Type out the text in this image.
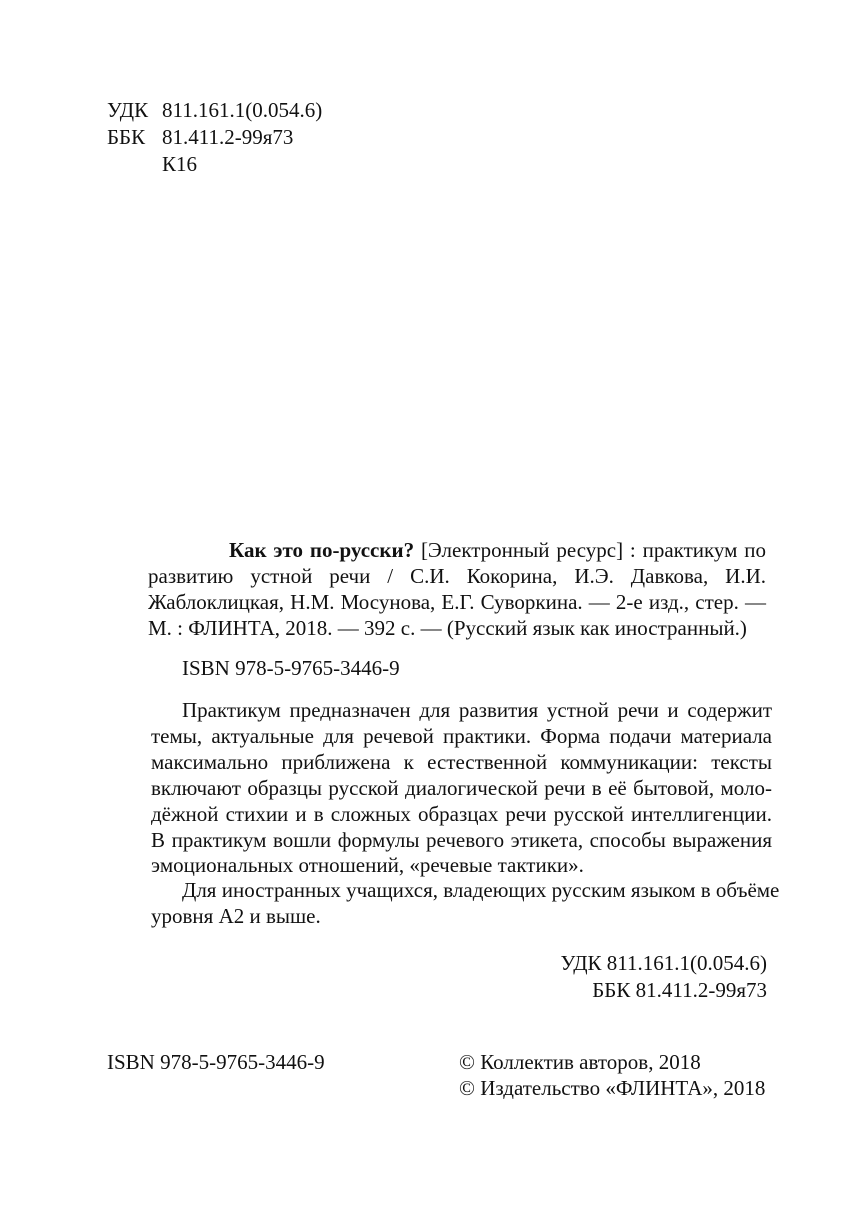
УДК 811.161.1(0.054.6)
ББК 81.411.2-99я73
К16
Как это по-русски? [Электронный ресурс] : практикум по
развитию устной речи / С.И. Кокорина, И.Э. Давкова, И.И.
Жаблоклицкая, Н.М. Мосунова, Е.Г. Суворкина. — 2-е изд., стер. —
М. : ФЛИНТА, 2018. — 392 с. — (Русский язык как иностранный.)
ISBN 978-5-9765-3446-9
Практикум предназначен для развития устной речи и содержит
темы, актуальные для речевой практики. Форма подачи материала
максимально приближена к естественной коммуникации: тексты
включают образцы русской диалогической речи в её бытовой, моло-
дёжной стихии и в сложных образцах речи русской интеллигенции.
В практикум вошли формулы речевого этикета, способы выражения
эмоциональных отношений, «речевые тактики».
Для иностранных учащихся, владеющих русским языком в объёме
уровня А2 и выше.
УДК 811.161.1(0.054.6)
ББК 81.411.2-99я73
ISBN 978-5-9765-3446-9	© Коллектив авторов, 2018
© Издательство «ФЛИНТА», 2018
